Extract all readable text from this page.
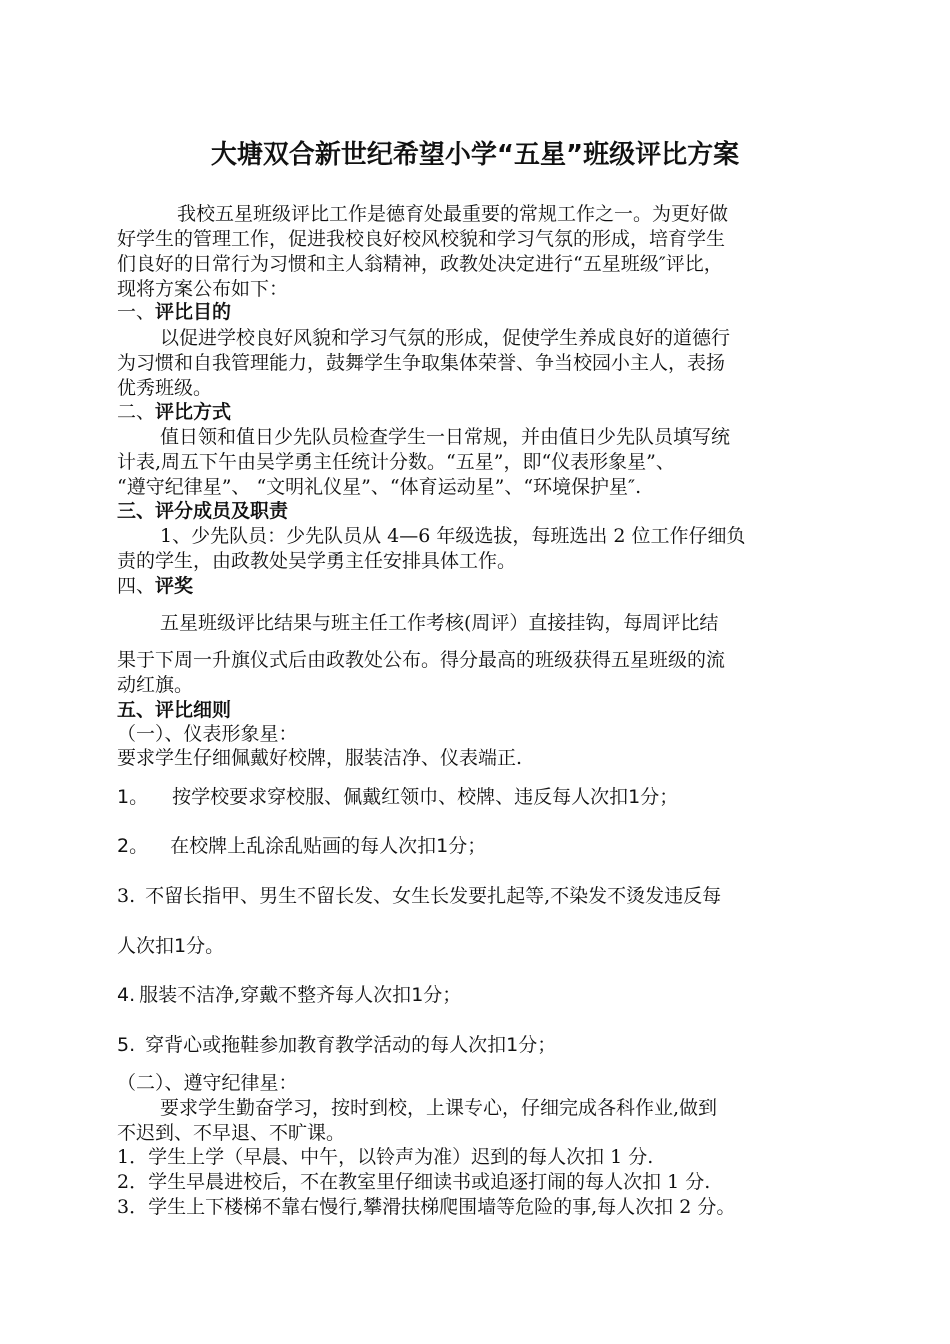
大塘双合新世纪希望小学“五星”班级评比方案
我校五星班级评比工作是德育处最重要的常规工作之一。为更好做
好学生的管理工作，促进我校良好校风校貌和学习气氛的形成，培育学生
们良好的日常行为习惯和主人翁精神，政教处决定进行“五星班级″评比，
现将方案公布如下：
一、评比目的
以促进学校良好风貌和学习气氛的形成，促使学生养成良好的道德行
为习惯和自我管理能力，鼓舞学生争取集体荣誉、争当校园小主人，表扬
优秀班级。
二、评比方式
值日领和值日少先队员检查学生一日常规，并由值日少先队员填写统
计表,周五下午由吴学勇主任统计分数。“五星”，即“仪表形象星”、
“遵守纪律星”、 “文明礼仪星”、“体育运动星”、“环境保护星″.
三、评分成员及职责
1、少先队员：少先队员从 4—6 年级选拔，每班选出 2 位工作仔细负
责的学生，由政教处吴学勇主任安排具体工作。
四、评奖
五星班级评比结果与班主任工作考核(周评）直接挂钩，每周评比结
果于下周一升旗仪式后由政教处公布。得分最高的班级获得五星班级的流
动红旗。
五、评比细则
（一）、仪表形象星：
要求学生仔细佩戴好校牌，服装洁净、仪表端正.
1。 按学校要求穿校服、佩戴红领巾、校牌、违反每人次扣1分；
2。 在校牌上乱涂乱贴画的每人次扣1分；
3. 不留长指甲、男生不留长发、女生长发要扎起等,不染发不烫发违反每
人次扣1分。
4. 服装不洁净,穿戴不整齐每人次扣1分；
5. 穿背心或拖鞋参加教育教学活动的每人次扣1分；
（二）、遵守纪律星：
要求学生勤奋学习，按时到校，上课专心，仔细完成各科作业,做到
不迟到、不早退、不旷课。
1．学生上学（早晨、中午，以铃声为准）迟到的每人次扣 1 分.
2．学生早晨进校后，不在教室里仔细读书或追逐打闹的每人次扣 1 分.
3．学生上下楼梯不靠右慢行,攀滑扶梯爬围墙等危险的事,每人次扣 2 分。
